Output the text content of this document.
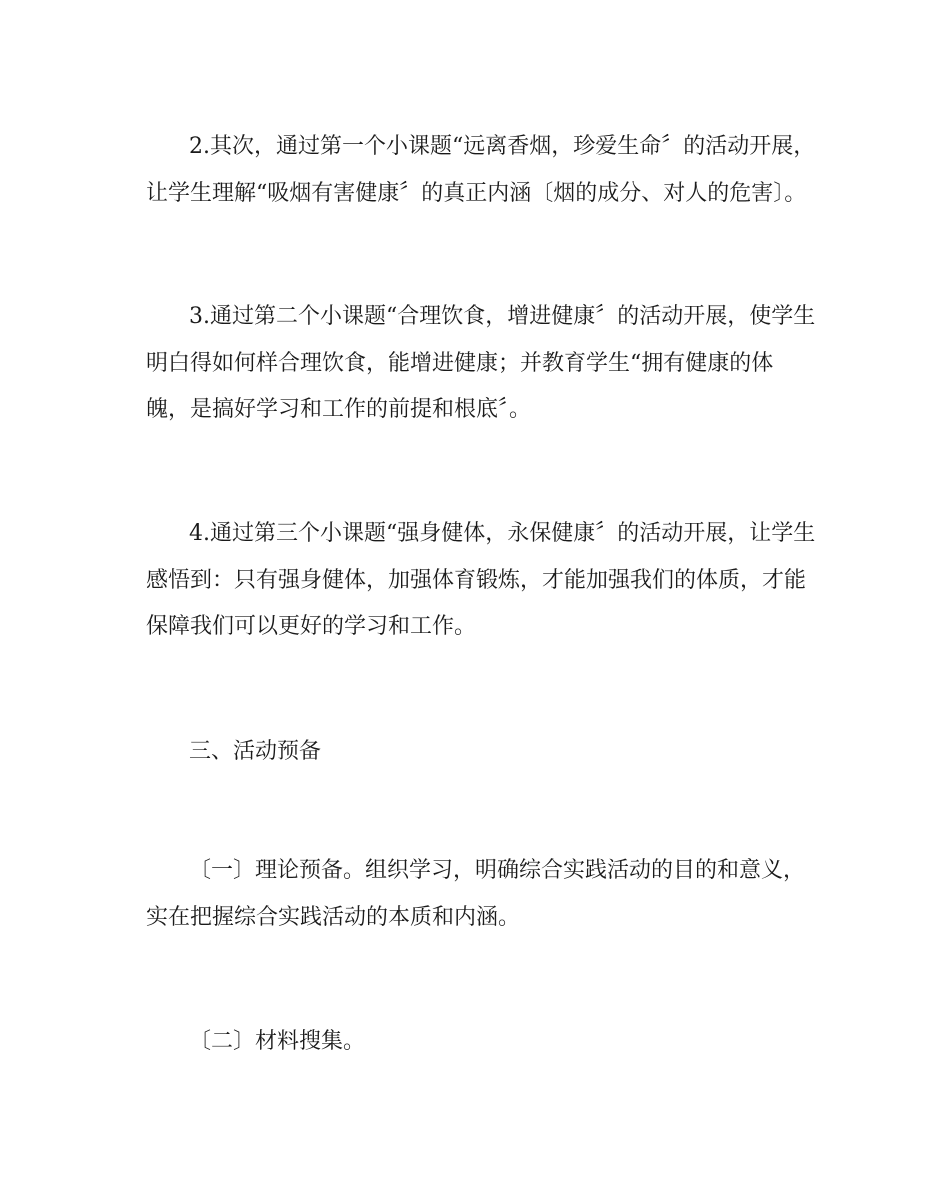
2.其次，通过第一个小课题“远离香烟，珍爱生命〞的活动开展，让学生理解“吸烟有害健康〞的真正内涵〔烟的成分、对人的危害〕。

3.通过第二个小课题“合理饮食，增进健康〞的活动开展，使学生明白得如何样合理饮食，能增进健康；并教育学生“拥有健康的体魄，是搞好学习和工作的前提和根底〞。

4.通过第三个小课题“强身健体，永保健康〞的活动开展，让学生感悟到：只有强身健体，加强体育锻炼，才能加强我们的体质，才能保障我们可以更好的学习和工作。

三、活动预备

〔一〕理论预备。组织学习，明确综合实践活动的目的和意义，实在把握综合实践活动的本质和内涵。

〔二〕材料搜集。
